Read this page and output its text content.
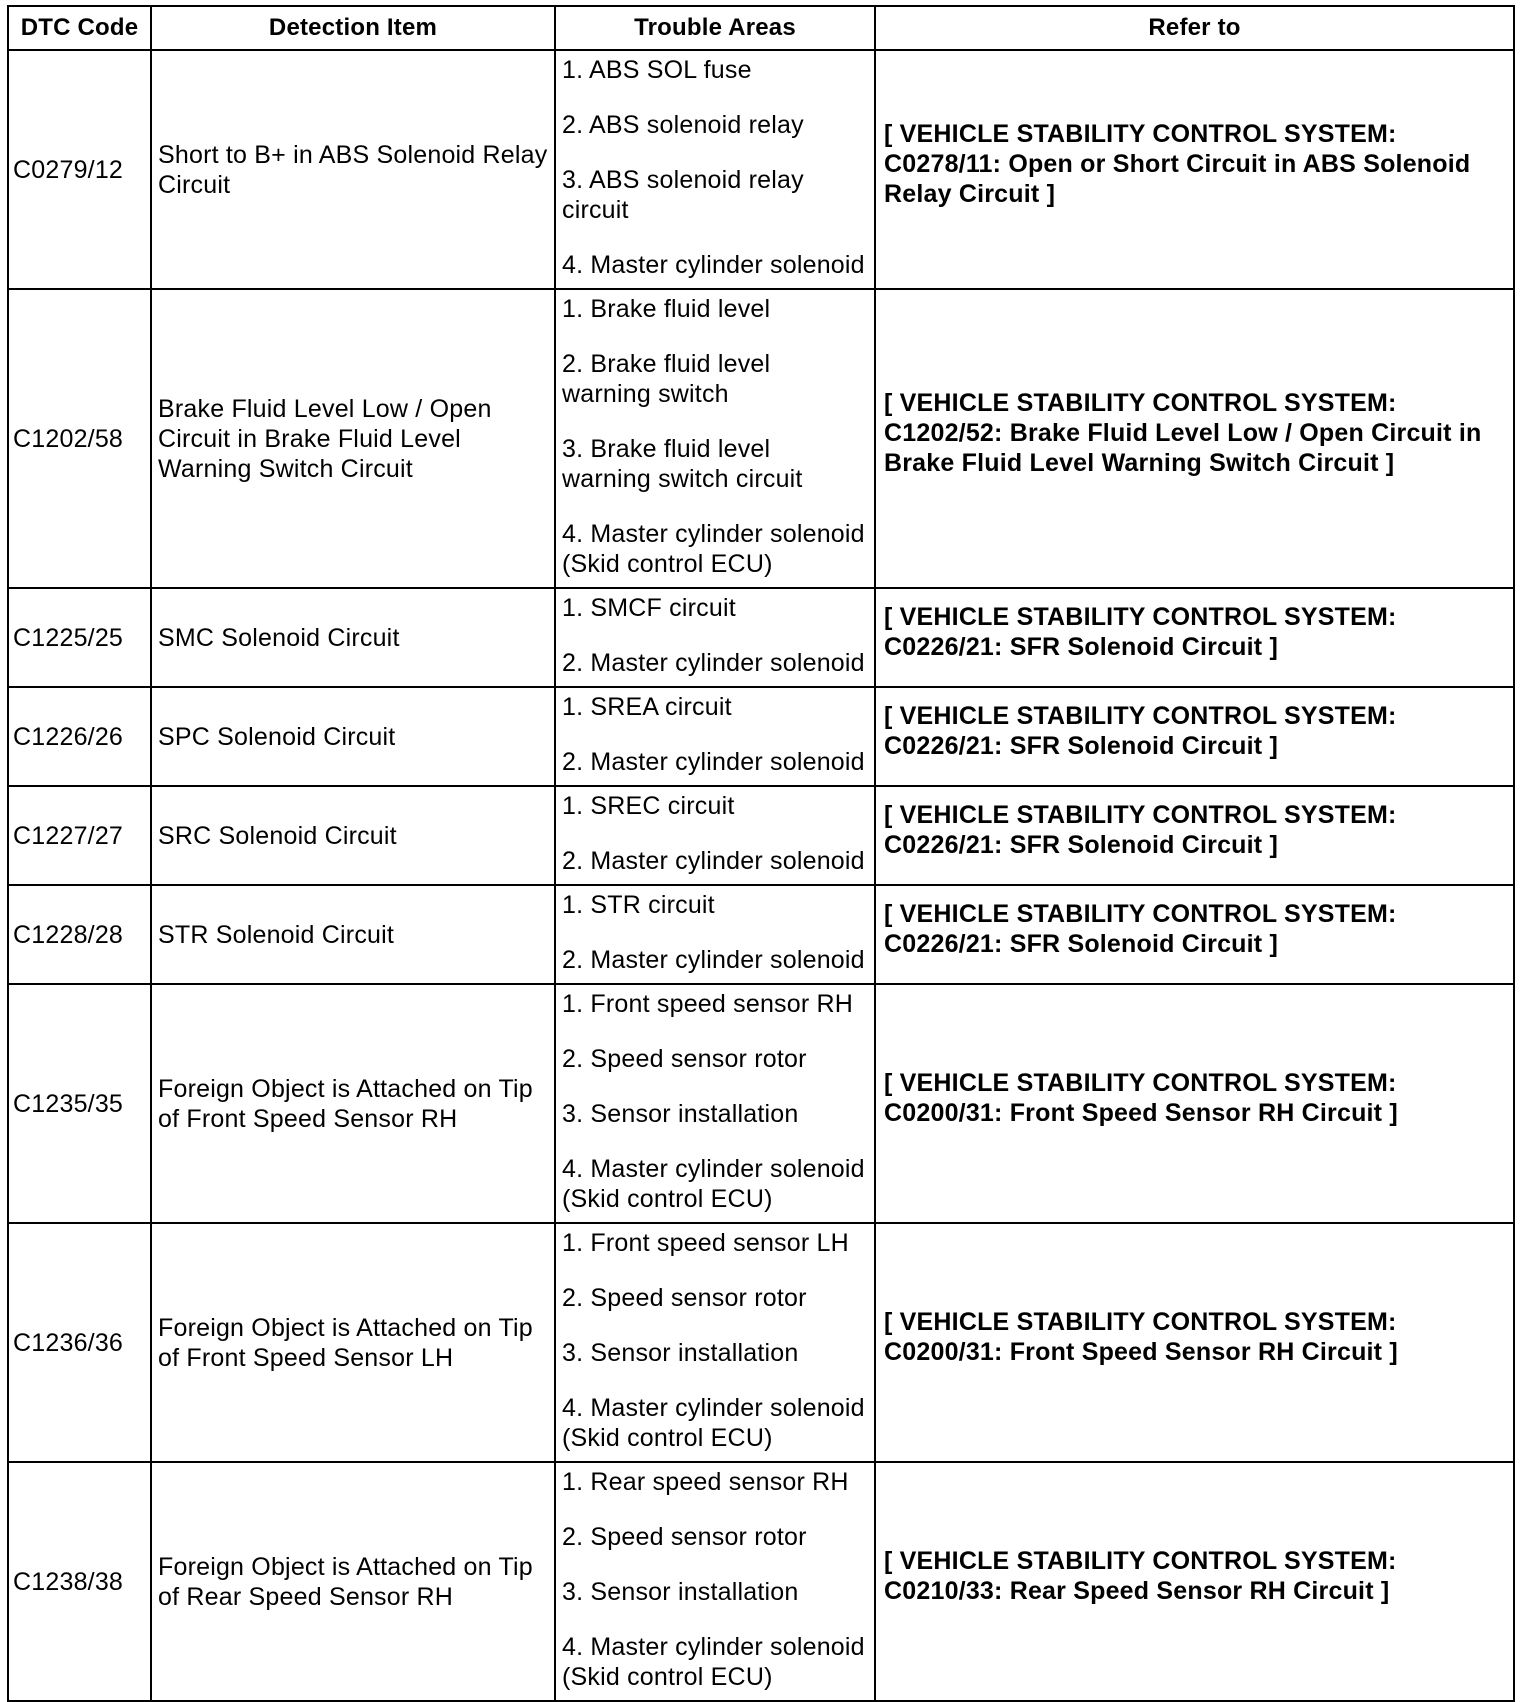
DTC Code	Detection Item	Trouble Areas	Refer to
C0279/12	Short to B+ in ABS Solenoid Relay Circuit	1. ABS SOL fuse
2. ABS solenoid relay
3. ABS solenoid relay circuit
4. Master cylinder solenoid	[ VEHICLE STABILITY CONTROL SYSTEM: C0278/11: Open or Short Circuit in ABS Solenoid Relay Circuit ]
C1202/58	Brake Fluid Level Low / Open Circuit in Brake Fluid Level Warning Switch Circuit	1. Brake fluid level
2. Brake fluid level warning switch
3. Brake fluid level warning switch circuit
4. Master cylinder solenoid (Skid control ECU)	[ VEHICLE STABILITY CONTROL SYSTEM: C1202/52: Brake Fluid Level Low / Open Circuit in Brake Fluid Level Warning Switch Circuit ]
C1225/25	SMC Solenoid Circuit	1. SMCF circuit
2. Master cylinder solenoid	[ VEHICLE STABILITY CONTROL SYSTEM: C0226/21: SFR Solenoid Circuit ]
C1226/26	SPC Solenoid Circuit	1. SREA circuit
2. Master cylinder solenoid	[ VEHICLE STABILITY CONTROL SYSTEM: C0226/21: SFR Solenoid Circuit ]
C1227/27	SRC Solenoid Circuit	1. SREC circuit
2. Master cylinder solenoid	[ VEHICLE STABILITY CONTROL SYSTEM: C0226/21: SFR Solenoid Circuit ]
C1228/28	STR Solenoid Circuit	1. STR circuit
2. Master cylinder solenoid	[ VEHICLE STABILITY CONTROL SYSTEM: C0226/21: SFR Solenoid Circuit ]
C1235/35	Foreign Object is Attached on Tip of Front Speed Sensor RH	1. Front speed sensor RH
2. Speed sensor rotor
3. Sensor installation
4. Master cylinder solenoid (Skid control ECU)	[ VEHICLE STABILITY CONTROL SYSTEM: C0200/31: Front Speed Sensor RH Circuit ]
C1236/36	Foreign Object is Attached on Tip of Front Speed Sensor LH	1. Front speed sensor LH
2. Speed sensor rotor
3. Sensor installation
4. Master cylinder solenoid (Skid control ECU)	[ VEHICLE STABILITY CONTROL SYSTEM: C0200/31: Front Speed Sensor RH Circuit ]
C1238/38	Foreign Object is Attached on Tip of Rear Speed Sensor RH	1. Rear speed sensor RH
2. Speed sensor rotor
3. Sensor installation
4. Master cylinder solenoid (Skid control ECU)	[ VEHICLE STABILITY CONTROL SYSTEM: C0210/33: Rear Speed Sensor RH Circuit ]
